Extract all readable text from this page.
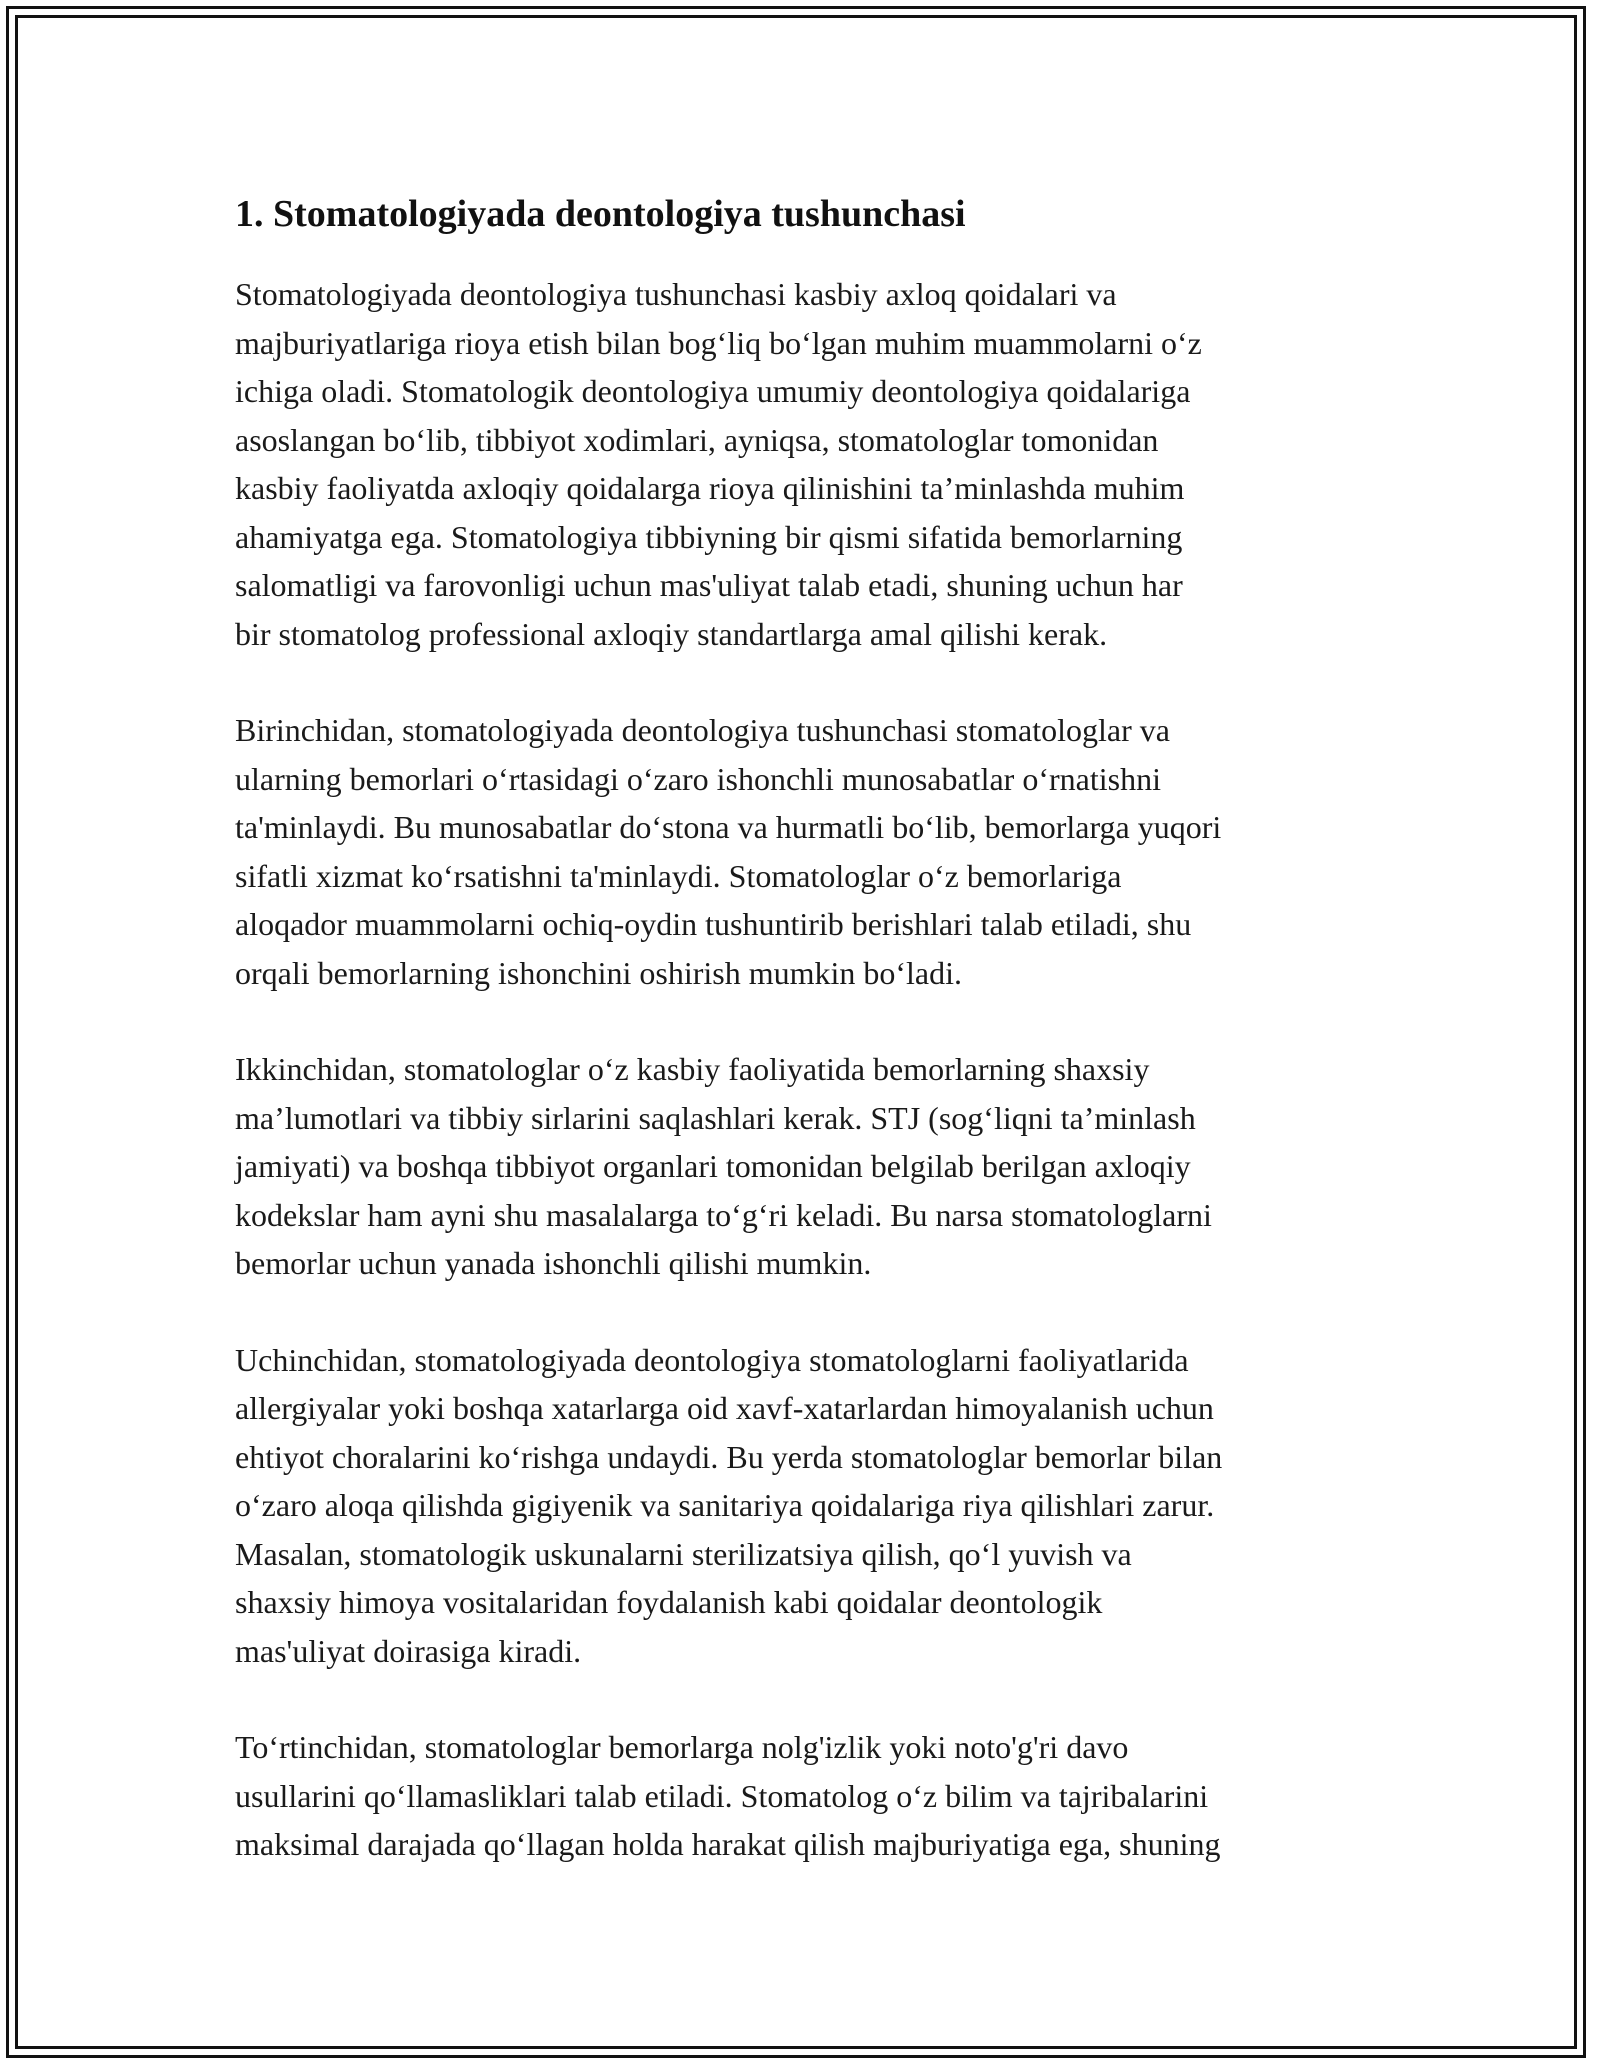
1. Stomatologiyada deontologiya tushunchasi

Stomatologiyada deontologiya tushunchasi kasbiy axloq qoidalari va
majburiyatlariga rioya etish bilan bog‘liq bo‘lgan muhim muammolarni o‘z
ichiga oladi. Stomatologik deontologiya umumiy deontologiya qoidalariga
asoslangan bo‘lib, tibbiyot xodimlari, ayniqsa, stomatologlar tomonidan
kasbiy faoliyatda axloqiy qoidalarga rioya qilinishini ta’minlashda muhim
ahamiyatga ega. Stomatologiya tibbiyning bir qismi sifatida bemorlarning
salomatligi va farovonligi uchun mas'uliyat talab etadi, shuning uchun har
bir stomatolog professional axloqiy standartlarga amal qilishi kerak.

Birinchidan, stomatologiyada deontologiya tushunchasi stomatologlar va
ularning bemorlari o‘rtasidagi o‘zaro ishonchli munosabatlar o‘rnatishni
ta'minlaydi. Bu munosabatlar do‘stona va hurmatli bo‘lib, bemorlarga yuqori
sifatli xizmat ko‘rsatishni ta'minlaydi. Stomatologlar o‘z bemorlariga
aloqador muammolarni ochiq-oydin tushuntirib berishlari talab etiladi, shu
orqali bemorlarning ishonchini oshirish mumkin bo‘ladi.

Ikkinchidan, stomatologlar o‘z kasbiy faoliyatida bemorlarning shaxsiy
ma’lumotlari va tibbiy sirlarini saqlashlari kerak. STJ (sog‘liqni ta’minlash
jamiyati) va boshqa tibbiyot organlari tomonidan belgilab berilgan axloqiy
kodekslar ham ayni shu masalalarga to‘g‘ri keladi. Bu narsa stomatologlarni
bemorlar uchun yanada ishonchli qilishi mumkin.

Uchinchidan, stomatologiyada deontologiya stomatologlarni faoliyatlarida
allergiyalar yoki boshqa xatarlarga oid xavf-xatarlardan himoyalanish uchun
ehtiyot choralarini ko‘rishga undaydi. Bu yerda stomatologlar bemorlar bilan
o‘zaro aloqa qilishda gigiyenik va sanitariya qoidalariga riya qilishlari zarur.
Masalan, stomatologik uskunalarni sterilizatsiya qilish, qo‘l yuvish va
shaxsiy himoya vositalaridan foydalanish kabi qoidalar deontologik
mas'uliyat doirasiga kiradi.

To‘rtinchidan, stomatologlar bemorlarga nolg'izlik yoki noto'g'ri davo
usullarini qo‘llamasliklari talab etiladi. Stomatolog o‘z bilim va tajribalarini
maksimal darajada qo‘llagan holda harakat qilish majburiyatiga ega, shuning
